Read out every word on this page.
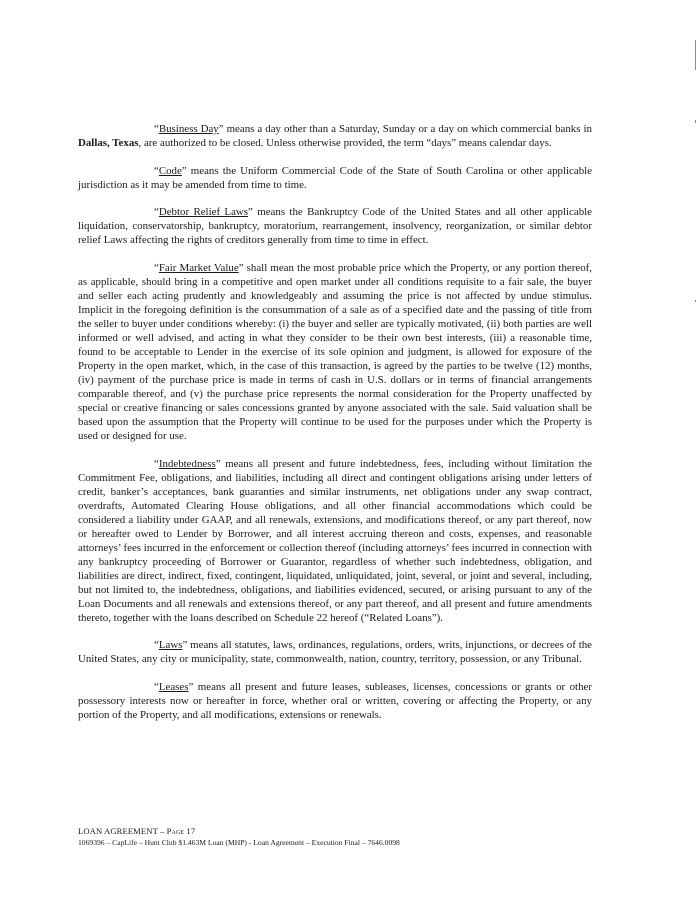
“Business Day” means a day other than a Saturday, Sunday or a day on which commercial banks in Dallas, Texas, are authorized to be closed. Unless otherwise provided, the term “days” means calendar days.

“Code” means the Uniform Commercial Code of the State of South Carolina or other applicable jurisdiction as it may be amended from time to time.

“Debtor Relief Laws” means the Bankruptcy Code of the United States and all other applicable liquidation, conservatorship, bankruptcy, moratorium, rearrangement, insolvency, reorganization, or similar debtor relief Laws affecting the rights of creditors generally from time to time in effect.

“Fair Market Value” shall mean the most probable price which the Property, or any portion thereof, as applicable, should bring in a competitive and open market under all conditions requisite to a fair sale, the buyer and seller each acting prudently and knowledgeably and assuming the price is not affected by undue stimulus. Implicit in the foregoing definition is the consummation of a sale as of a specified date and the passing of title from the seller to buyer under conditions whereby: (i) the buyer and seller are typically motivated, (ii) both parties are well informed or well advised, and acting in what they consider to be their own best interests, (iii) a reasonable time, found to be acceptable to Lender in the exercise of its sole opinion and judgment, is allowed for exposure of the Property in the open market, which, in the case of this transaction, is agreed by the parties to be twelve (12) months, (iv) payment of the purchase price is made in terms of cash in U.S. dollars or in terms of financial arrangements comparable thereof, and (v) the purchase price represents the normal consideration for the Property unaffected by special or creative financing or sales concessions granted by anyone associated with the sale. Said valuation shall be based upon the assumption that the Property will continue to be used for the purposes under which the Property is used or designed for use.

“Indebtedness” means all present and future indebtedness, fees, including without limitation the Commitment Fee, obligations, and liabilities, including all direct and contingent obligations arising under letters of credit, banker’s acceptances, bank guaranties and similar instruments, net obligations under any swap contract, overdrafts, Automated Clearing House obligations, and all other financial accommodations which could be considered a liability under GAAP, and all renewals, extensions, and modifications thereof, or any part thereof, now or hereafter owed to Lender by Borrower, and all interest accruing thereon and costs, expenses, and reasonable attorneys’ fees incurred in the enforcement or collection thereof (including attorneys’ fees incurred in connection with any bankruptcy proceeding of Borrower or Guarantor, regardless of whether such indebtedness, obligation, and liabilities are direct, indirect, fixed, contingent, liquidated, unliquidated, joint, several, or joint and several, including, but not limited to, the indebtedness, obligations, and liabilities evidenced, secured, or arising pursuant to any of the Loan Documents and all renewals and extensions thereof, or any part thereof, and all present and future amendments thereto, together with the loans described on Schedule 22 hereof (“Related Loans”).

“Laws” means all statutes, laws, ordinances, regulations, orders, writs, injunctions, or decrees of the United States, any city or municipality, state, commonwealth, nation, country, territory, possession, or any Tribunal.

“Leases” means all present and future leases, subleases, licenses, concessions or grants or other possessory interests now or hereafter in force, whether oral or written, covering or affecting the Property, or any portion of the Property, and all modifications, extensions or renewals.

LOAN AGREEMENT – Page 17
1069396 – CapLife – Hunt Club $1.463M Loan (MHP) - Loan Agreement – Execution Final – 7646.0098
